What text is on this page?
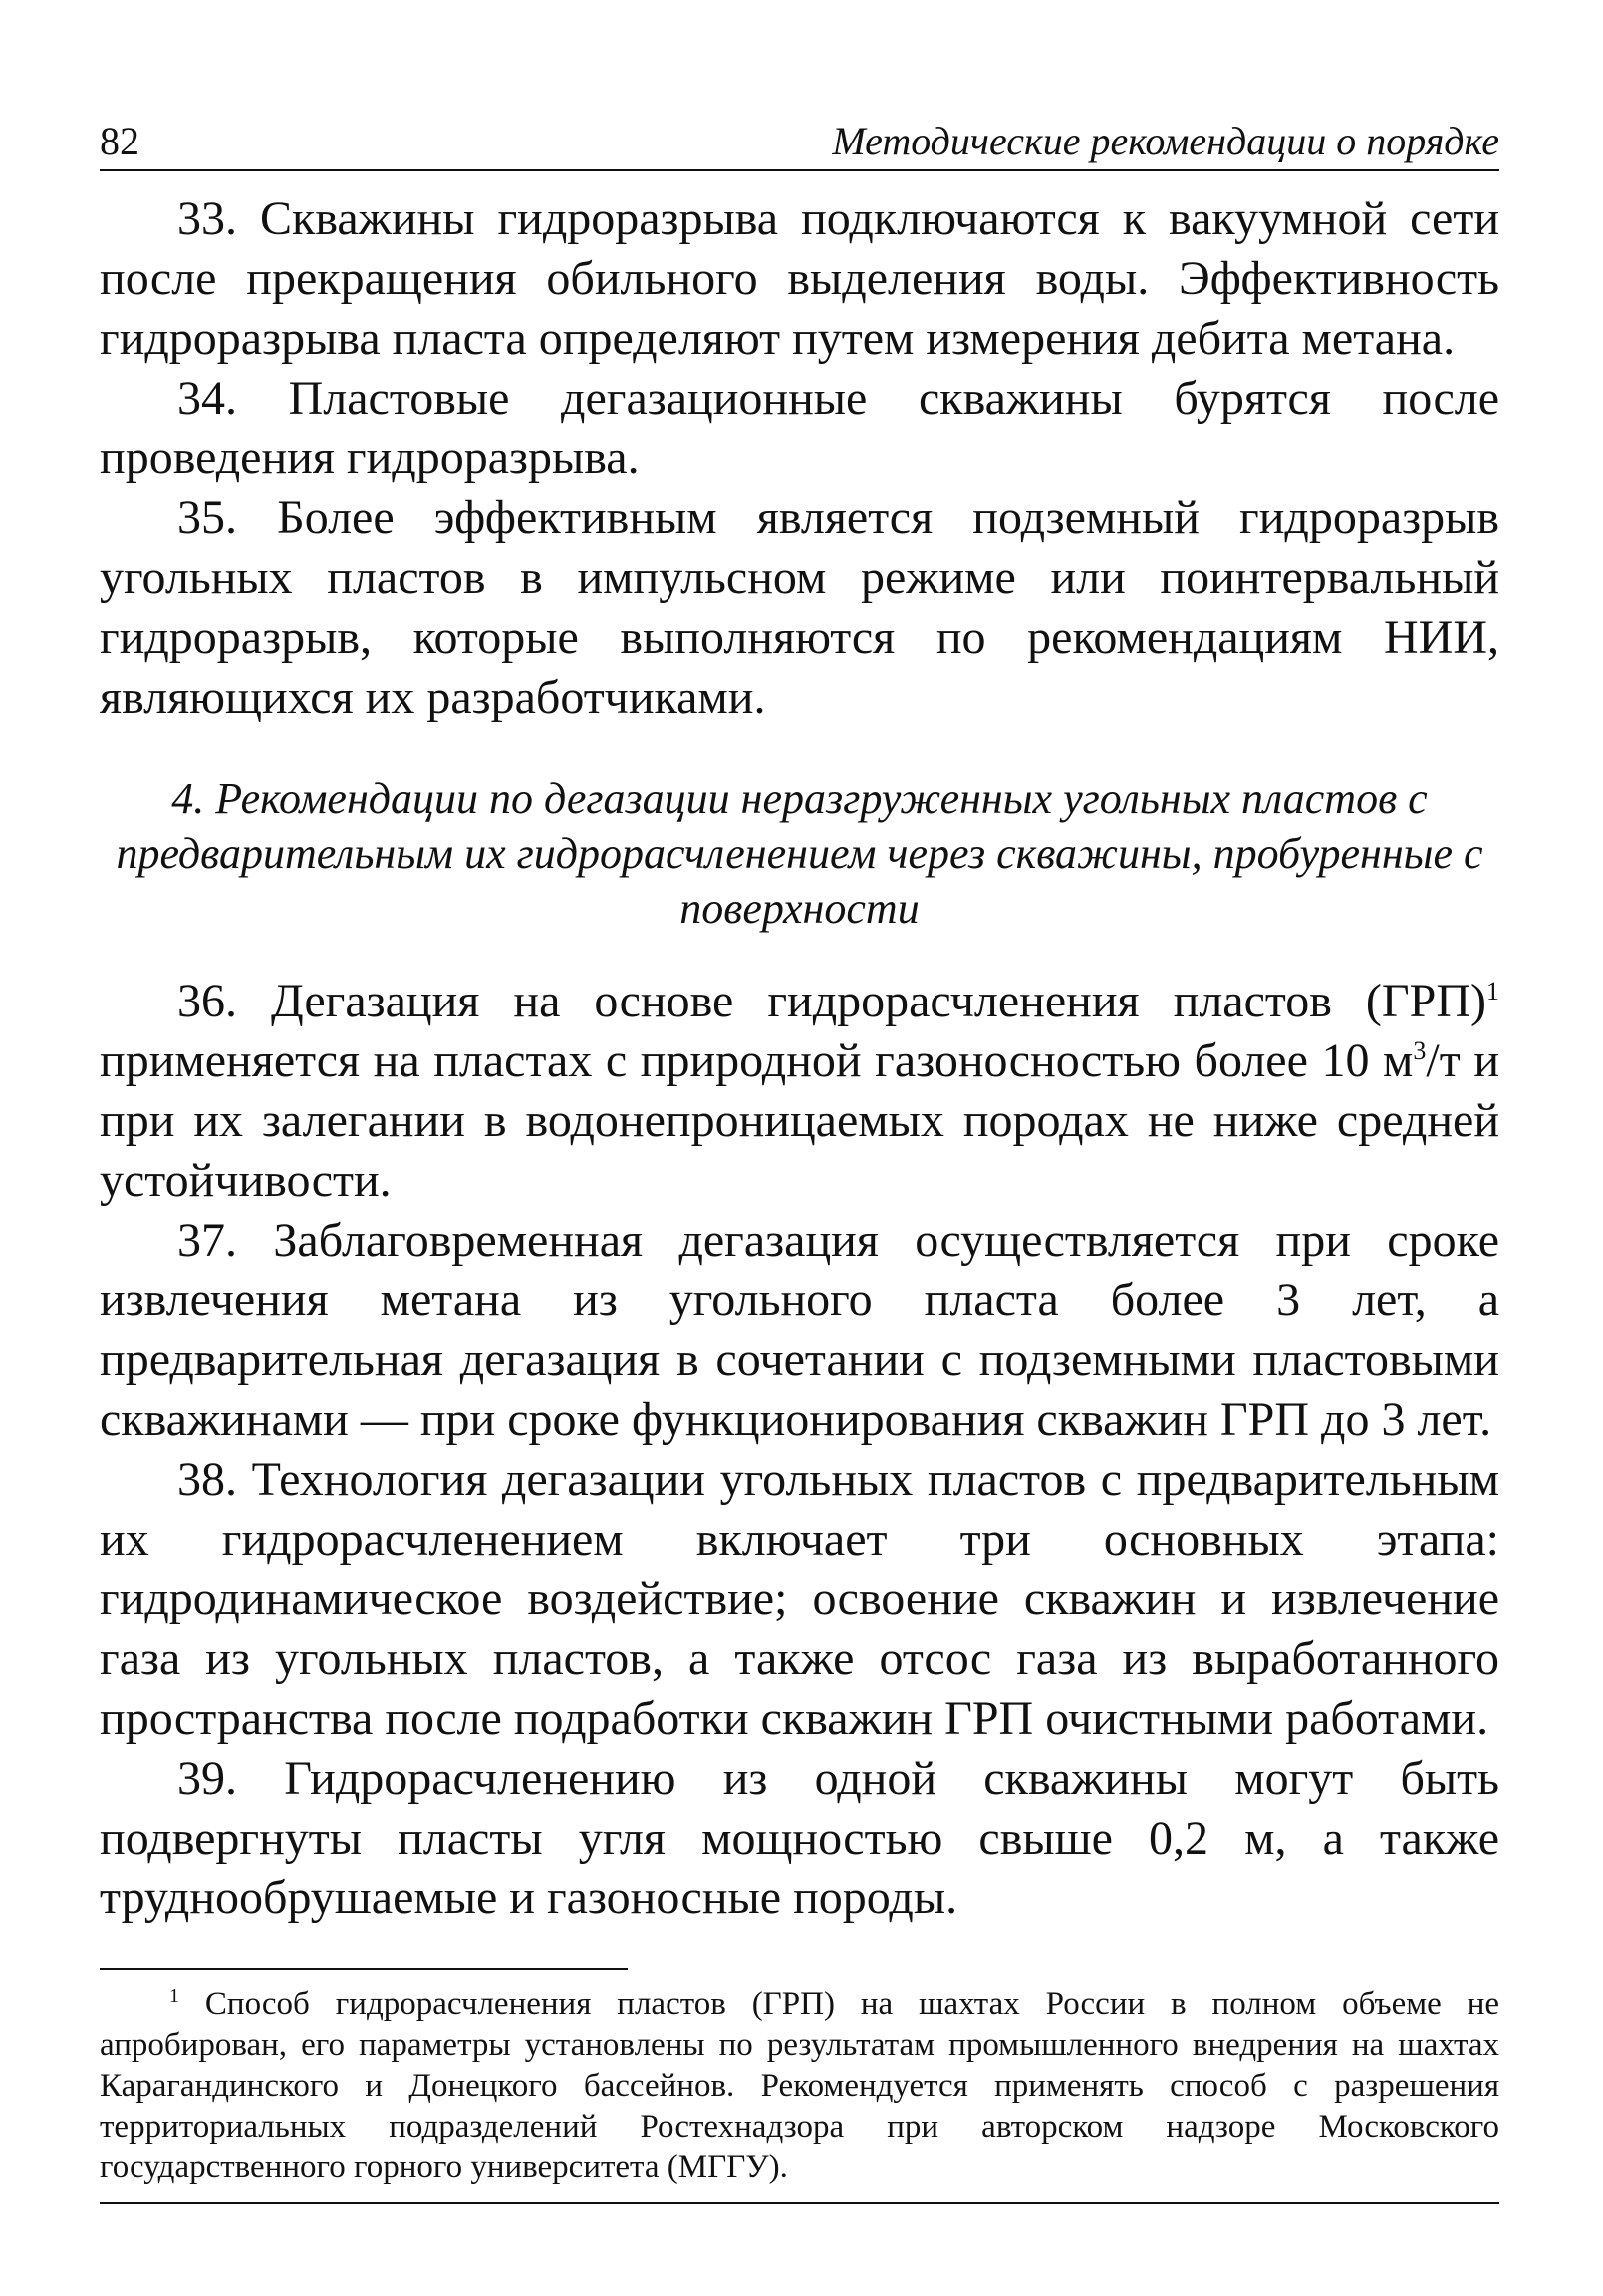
82	Методические рекомендации о порядке

33. Скважины гидроразрыва подключаются к вакуумной сети после прекращения обильного выделения воды. Эффективность гидроразрыва пласта определяют путем измерения дебита метана.

34. Пластовые дегазационные скважины бурятся после проведения гидроразрыва.

35. Более эффективным является подземный гидроразрыв угольных пластов в импульсном режиме или поинтервальный гидроразрыв, которые выполняются по рекомендациям НИИ, являющихся их разработчиками.

4. Рекомендации по дегазации неразгруженных угольных пластов с предварительным их гидрорасчленением через скважины, пробуренные с поверхности

36. Дегазация на основе гидрорасчленения пластов (ГРП)$^1$ применяется на пластах с природной газоносностью более 10 $м^3/т$ и при их залегании в водонепроницаемых породах не ниже средней устойчивости.

37. Заблаговременная дегазация осуществляется при сроке извлечения метана из угольного пласта более 3 лет, а предварительная дегазация в сочетании с подземными пластовыми скважинами — при сроке функционирования скважин ГРП до 3 лет.

38. Технология дегазации угольных пластов с предварительным их гидрорасчленением включает три основных этапа: гидродинамическое воздействие; освоение скважин и извлечение газа из угольных пластов, а также отсос газа из выработанного пространства после подработки скважин ГРП очистными работами.

39. Гидрорасчленению из одной скважины могут быть подвергнуты пласты угля мощностью свыше 0,2 м, а также труднообрушаемые и газоносные породы.

$^1$ Способ гидрорасчленения пластов (ГРП) на шахтах России в полном объеме не апробирован, его параметры установлены по результатам промышленного внедрения на шахтах Карагандинского и Донецкого бассейнов. Рекомендуется применять способ с разрешения территориальных подразделений Ростехнадзора при авторском надзоре Московского государственного горного университета (МГГУ).
